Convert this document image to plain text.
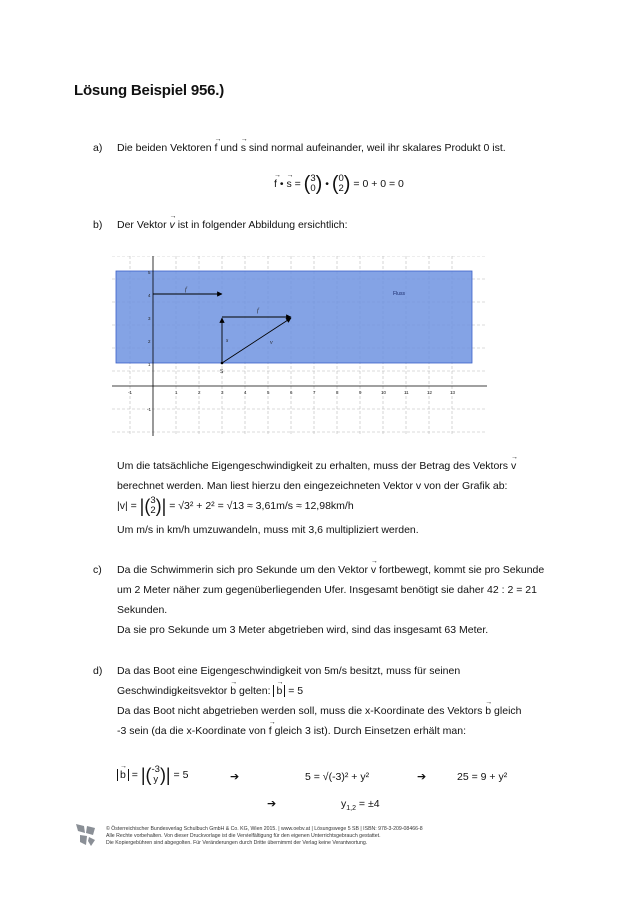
Lösung Beispiel 956.)
a) Die beiden Vektoren → f und → s sind normal aufeinander, weil ihr skalares Produkt 0 ist.
→ f • → s = (3
0) • (0
2) = 0 + 0 = 0
b) Der Vektor → v ist in folgender Abbildung ersichtlich:
-1	1	2	3	4	5	6	7	8	9	10	11	12	13
-1
1
2
3
4
5
f
f
s	v
S
Fluss
Um die tatsächliche Eigengeschwindigkeit zu erhalten, muss der Betrag des Vektors → v
berechnet werden. Man liest hierzu den eingezeichneten Vektor v von der Grafik ab:
|v| = |(3
2)| = √3² + 2² = √13 ≈ 3,61m/s ≈ 12,98km/h
Um m/s in km/h umzuwandeln, muss mit 3,6 multipliziert werden.
c) Da die Schwimmerin sich pro Sekunde um den Vektor → v fortbewegt, kommt sie pro Sekunde
um 2 Meter näher zum gegenüberliegenden Ufer. Insgesamt benötigt sie daher 42 : 2 = 21
Sekunden.
Da sie pro Sekunde um 3 Meter abgetrieben wird, sind das insgesamt 63 Meter.
d) Da das Boot eine Eigengeschwindigkeit von 5m/s besitzt, muss für seinen
Geschwindigkeitsvektor → b gelten: → b = 5
Da das Boot nicht abgetrieben werden soll, muss die x-Koordinate des Vektors → b gleich
-3 sein (da die x-Koordinate von → f gleich 3 ist). Durch Einsetzen erhält man:
→ b = |(-3
y )| = 5	➔	5 = √(-3)² + y²	➔	25 = 9 + y²
➔	$y_{1,2} = \pm 4$
© Österreichischer Bundesverlag Schulbuch GmbH & Co. KG, Wien 2015. | www.oebv.at | Lösungswege 5 SB | ISBN: 978-3-209-08466-8
Alle Rechte vorbehalten. Von dieser Druckvorlage ist die Vervielfältigung für den eigenen Unterrichtsgebrauch gestattet.
Die Kopiergebühren sind abgegolten. Für Veränderungen durch Dritte übernimmt der Verlag keine Verantwortung.
